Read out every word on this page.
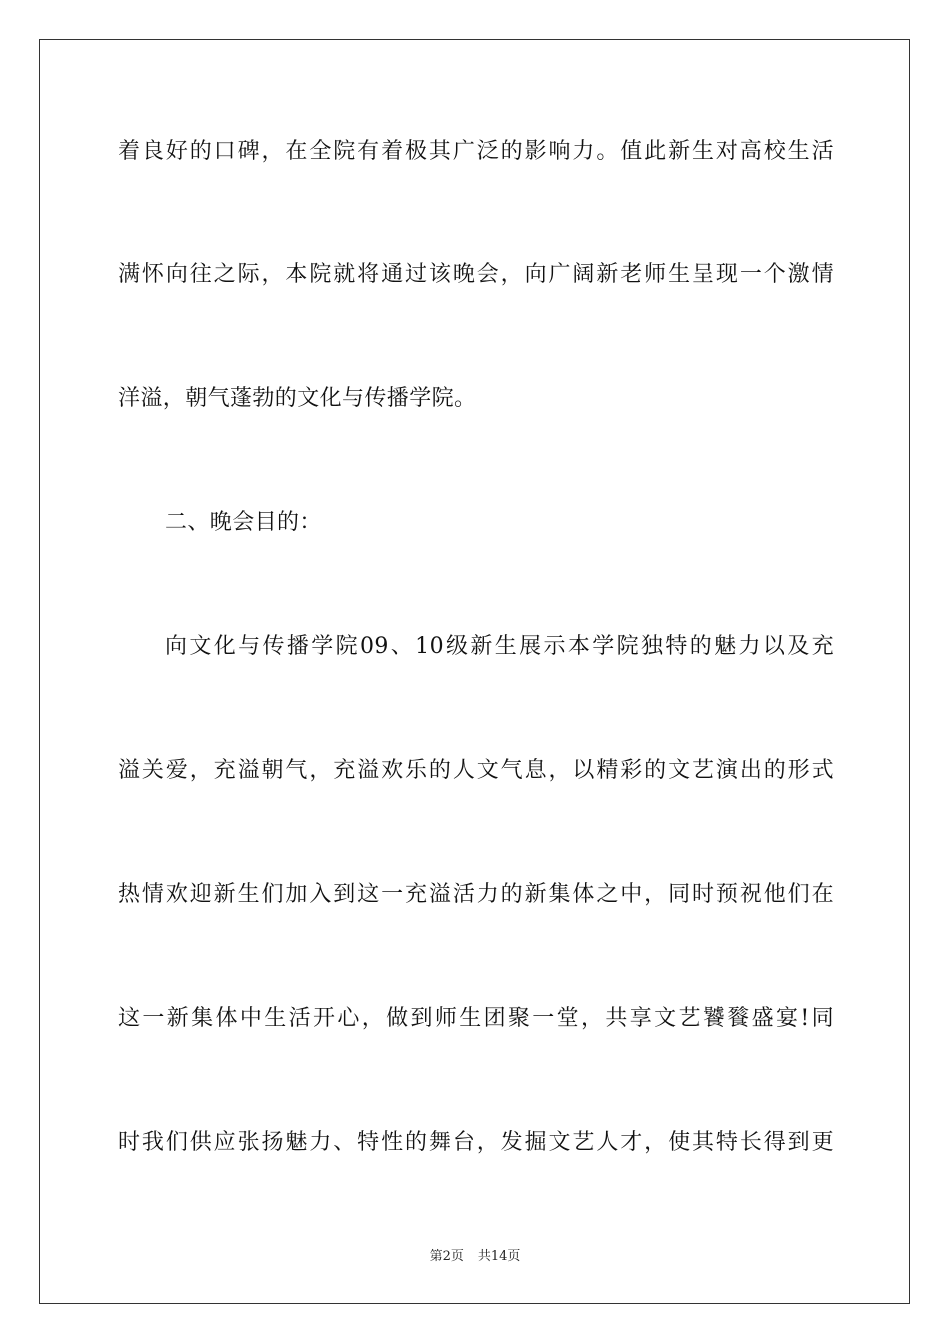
着良好的口碑，在全院有着极其广泛的影响力。值此新生对高校生活
满怀向往之际，本院就将通过该晚会，向广阔新老师生呈现一个激情
洋溢，朝气蓬勃的文化与传播学院。
二、晚会目的：
向文化与传播学院09、10级新生展示本学院独特的魅力以及充
溢关爱，充溢朝气，充溢欢乐的人文气息，以精彩的文艺演出的形式
热情欢迎新生们加入到这一充溢活力的新集体之中，同时预祝他们在
这一新集体中生活开心，做到师生团聚一堂，共享文艺饕餮盛宴!同
时我们供应张扬魅力、特性的舞台，发掘文艺人才，使其特长得到更
第2页 共14页
